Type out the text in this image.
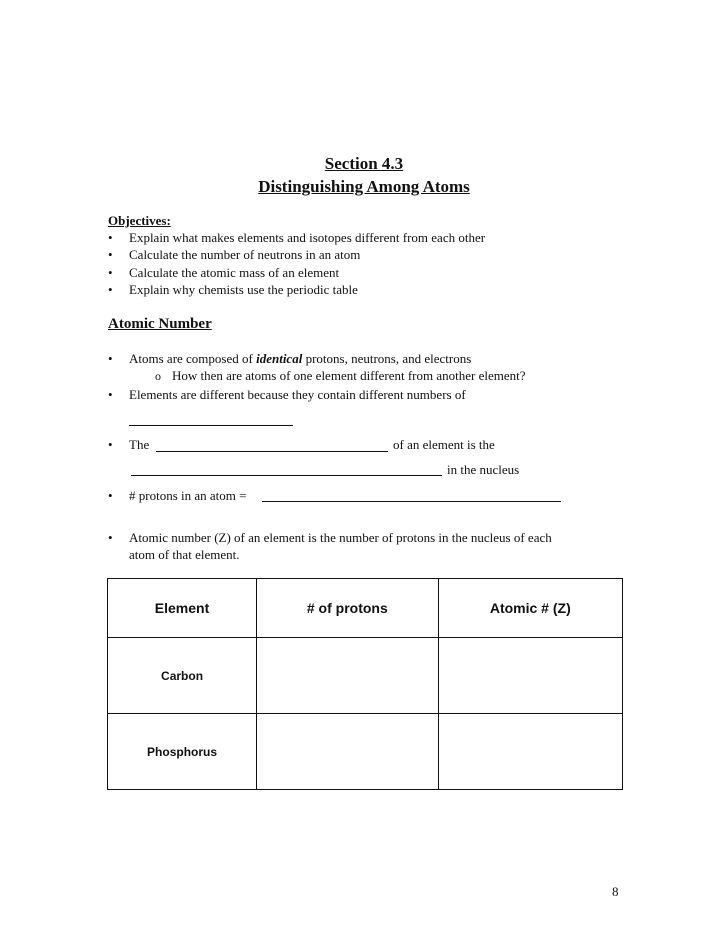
Section 4.3
Distinguishing Among Atoms
Objectives:
• Explain what makes elements and isotopes different from each other
• Calculate the number of neutrons in an atom
• Calculate the atomic mass of an element
• Explain why chemists use the periodic table
Atomic Number
• Atoms are composed of identical protons, neutrons, and electrons
o How then are atoms of one element different from another element?
• Elements are different because they contain different numbers of
• The	of an element is the
in the nucleus
• # protons in an atom =
• Atomic number (Z) of an element is the number of protons in the nucleus of each
atom of that element.
Element	# of protons	Atomic # (Z)
Carbon		
Phosphorus		
8
